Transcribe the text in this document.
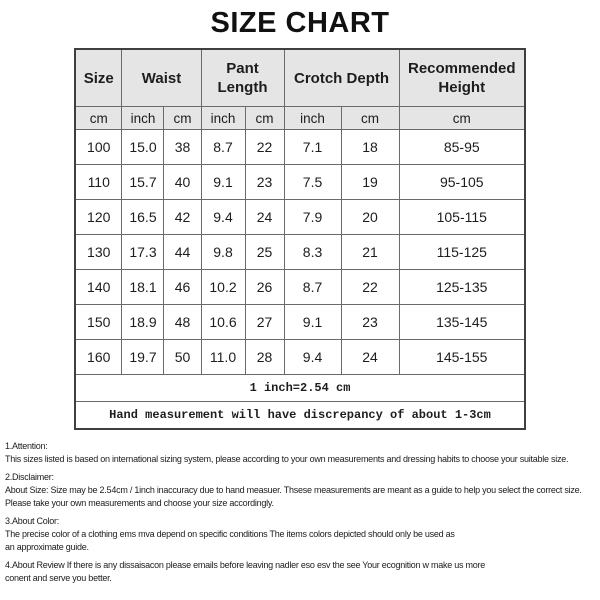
SIZE CHART
Size	Waist		Pant Length		Crotch Depth		Recommended Height
cm	inch	cm	inch	cm	inch	cm	cm
100	15.0	38	8.7	22	7.1	18	85-95
110	15.7	40	9.1	23	7.5	19	95-105
120	16.5	42	9.4	24	7.9	20	105-115
130	17.3	44	9.8	25	8.3	21	115-125
140	18.1	46	10.2	26	8.7	22	125-135
150	18.9	48	10.6	27	9.1	23	135-145
160	19.7	50	11.0	28	9.4	24	145-155
1 inch=2.54 cm							
Hand measurement will have discrepancy of about 1-3cm							
1.Attention:
This sizes listed is based on international sizing system, please according to your own measurements and dressing habits to choose your suitable size.
2.Disclaimer:
About Size: Size may be 2.54cm / 1inch inaccuracy due to hand measuer. Thsese measurements are meant as a guide to help you select the correct size.
Please take your own measurements and choose your size accordingly.
3.About Color:
The precise color of a clothing ems mva depend on specific conditions The items colors depicted should only be used as
an approximate guide.
4.About Review If there is any dissaisacon please emails before leaving nadler eso esv the see Your ecognition w make us more
conent and serve you better.
